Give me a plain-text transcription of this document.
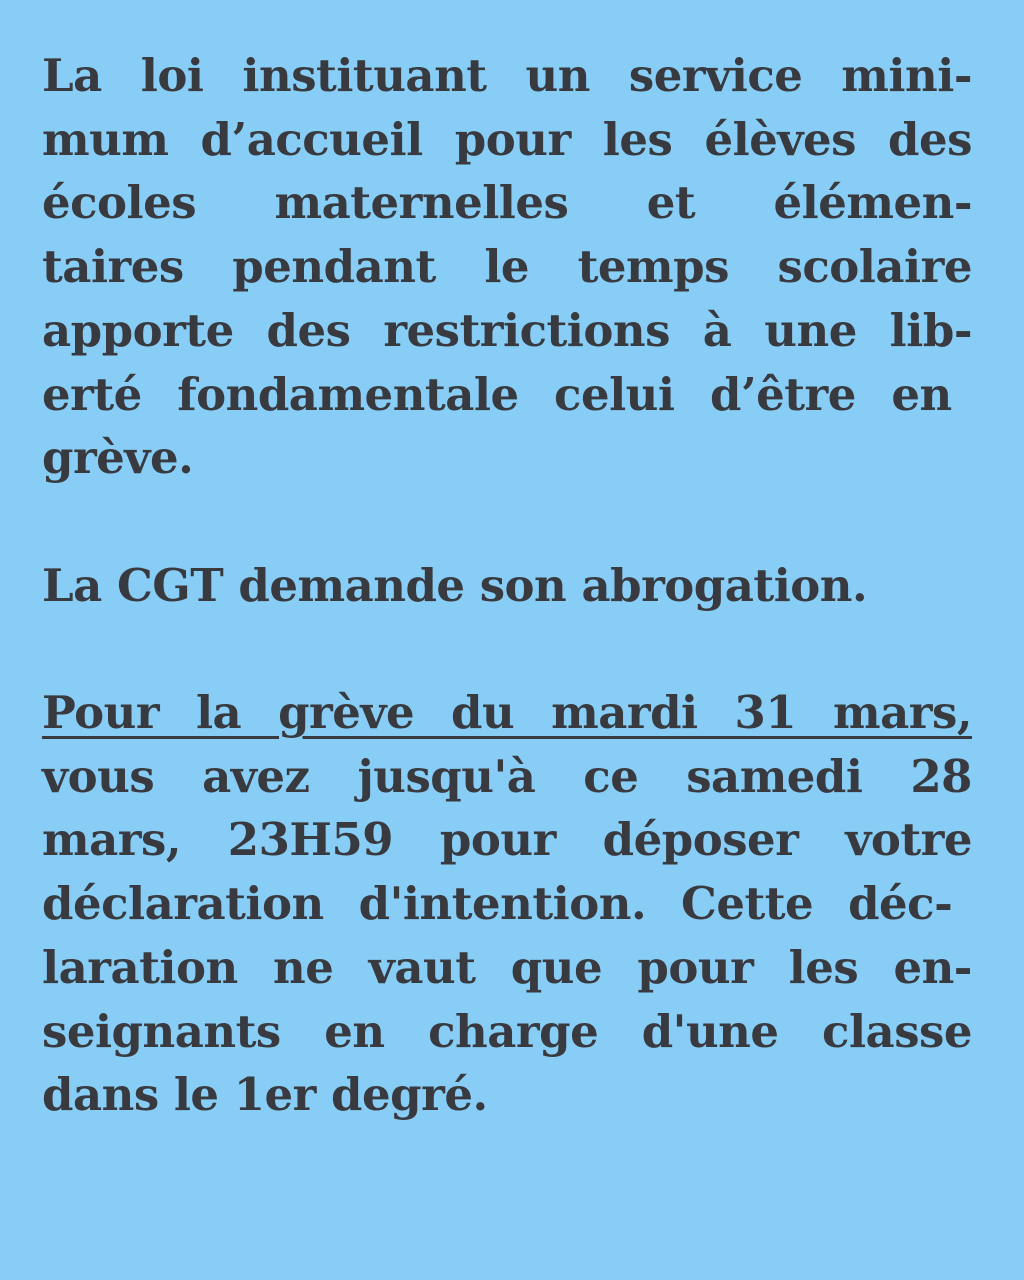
La loi instituant un service mini-
mum d’accueil pour les élèves des
écoles maternelles et élémen-
taires pendant le temps scolaire
apporte des restrictions à une lib-
erté fondamentale celui d’être en
grève.
La CGT demande son abrogation.
Pour la grève du mardi 31 mars,
vous avez jusqu'à ce samedi 28
mars, 23H59 pour déposer votre
déclaration d'intention. Cette déc-
laration ne vaut que pour les en-
seignants en charge d'une classe
dans le 1er degré.
